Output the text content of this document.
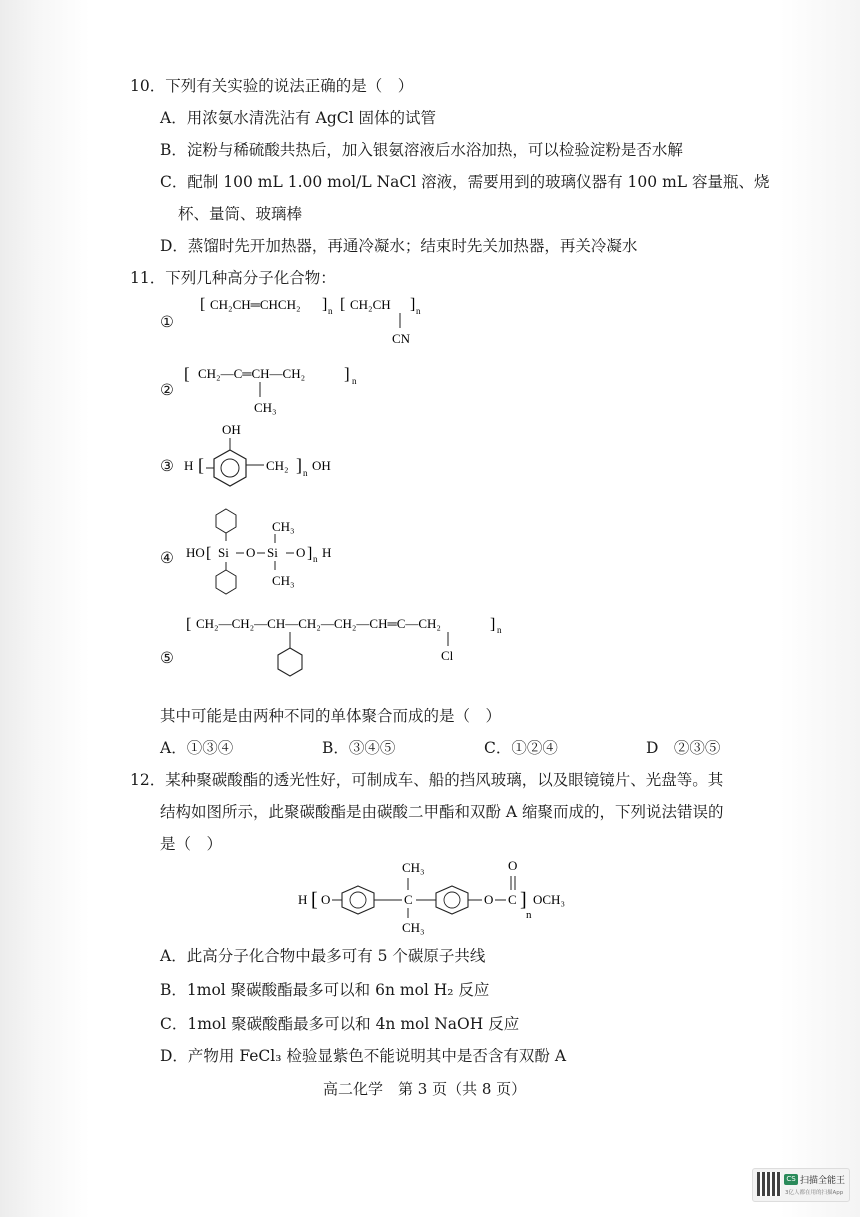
10．下列有关实验的说法正确的是（　）
A．用浓氨水清洗沾有 AgCl 固体的试管
B．淀粉与稀硫酸共热后，加入银氨溶液后水浴加热，可以检验淀粉是否水解
C．配制 100 mL 1.00 mol/L NaCl 溶液，需要用到的玻璃仪器有 100 mL 容量瓶、烧
杯、量筒、玻璃棒
D．蒸馏时先开加热器，再通冷凝水；结束时先关加热器，再关冷凝水
11．下列几种高分子化合物：
①
[ CH₂CH═CHCH₂ ] n [ CH₂CH ] n
CN
②
[ CH₂—C═CH—CH₂ ] n
CH₃
③ H [
OH
CH₂ ] n OH
④ HO [ Si O Si O ] n H
CH₃
CH₃
⑤
[ CH₂—CH₂—CH—CH₂—CH₂—CH═C—CH₂	] n
Cl
其中可能是由两种不同的单体聚合而成的是（　）
A．①③④	B．③④⑤	C．①②④	D　②③⑤
12．某种聚碳酸酯的透光性好，可制成车、船的挡风玻璃，以及眼镜镜片、光盘等。其
结构如图所示，此聚碳酸酯是由碳酸二甲酯和双酚 A 缩聚而成的，下列说法错误的
是（　）
H [ O	C
CH₃
CH₃
O C
O
]
n
OCH₃
A．此高分子化合物中最多可有 5 个碳原子共线
B．1mol 聚碳酸酯最多可以和 6n mol H₂ 反应
C．1mol 聚碳酸酯最多可以和 4n mol NaOH 反应
D．产物用 FeCl₃ 检验显紫色不能说明其中是否含有双酚 A
高二化学　第 3 页（共 8 页）
CS 扫描全能王
3亿人都在用的扫描App
